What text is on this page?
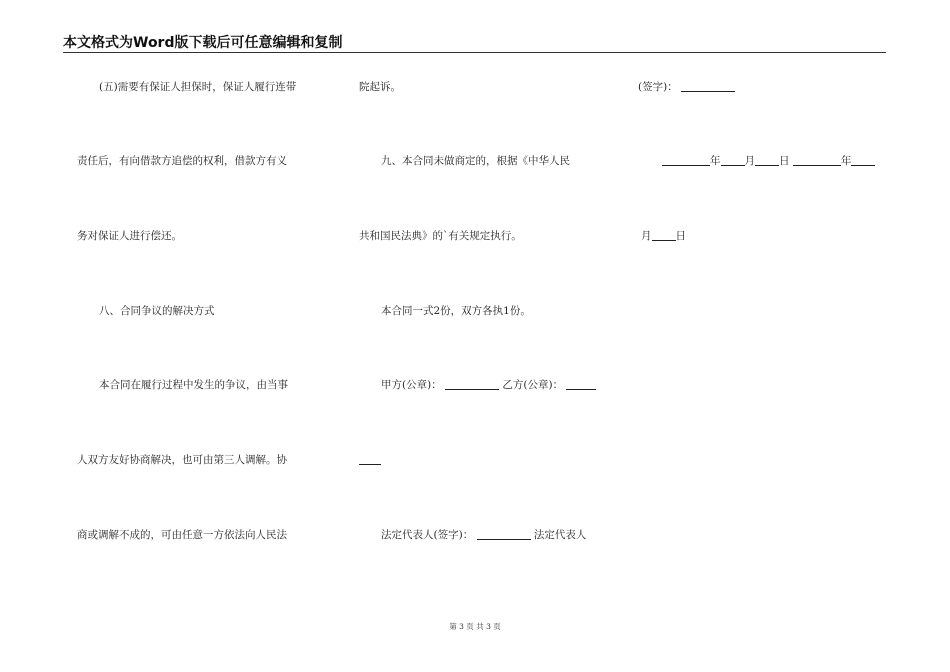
本文格式为Word版下载后可任意编辑和复制
(五)需要有保证人担保时，保证人履行连带
责任后，有向借款方追偿的权利，借款方有义
务对保证人进行偿还。
八、合同争议的解决方式
本合同在履行过程中发生的争议，由当事
人双方友好协商解决，也可由第三人调解。协
商或调解不成的，可由任意一方依法向人民法
院起诉。
九、本合同未做商定的，根据《中华人民
共和国民法典》的`有关规定执行。
本合同一式2份，双方各执1份。
甲方(公章)：	乙方(公章)：
法定代表人(签字)：	法定代表人
(签字)：
年 月 日	年
月 日
第 3 页 共 3 页
